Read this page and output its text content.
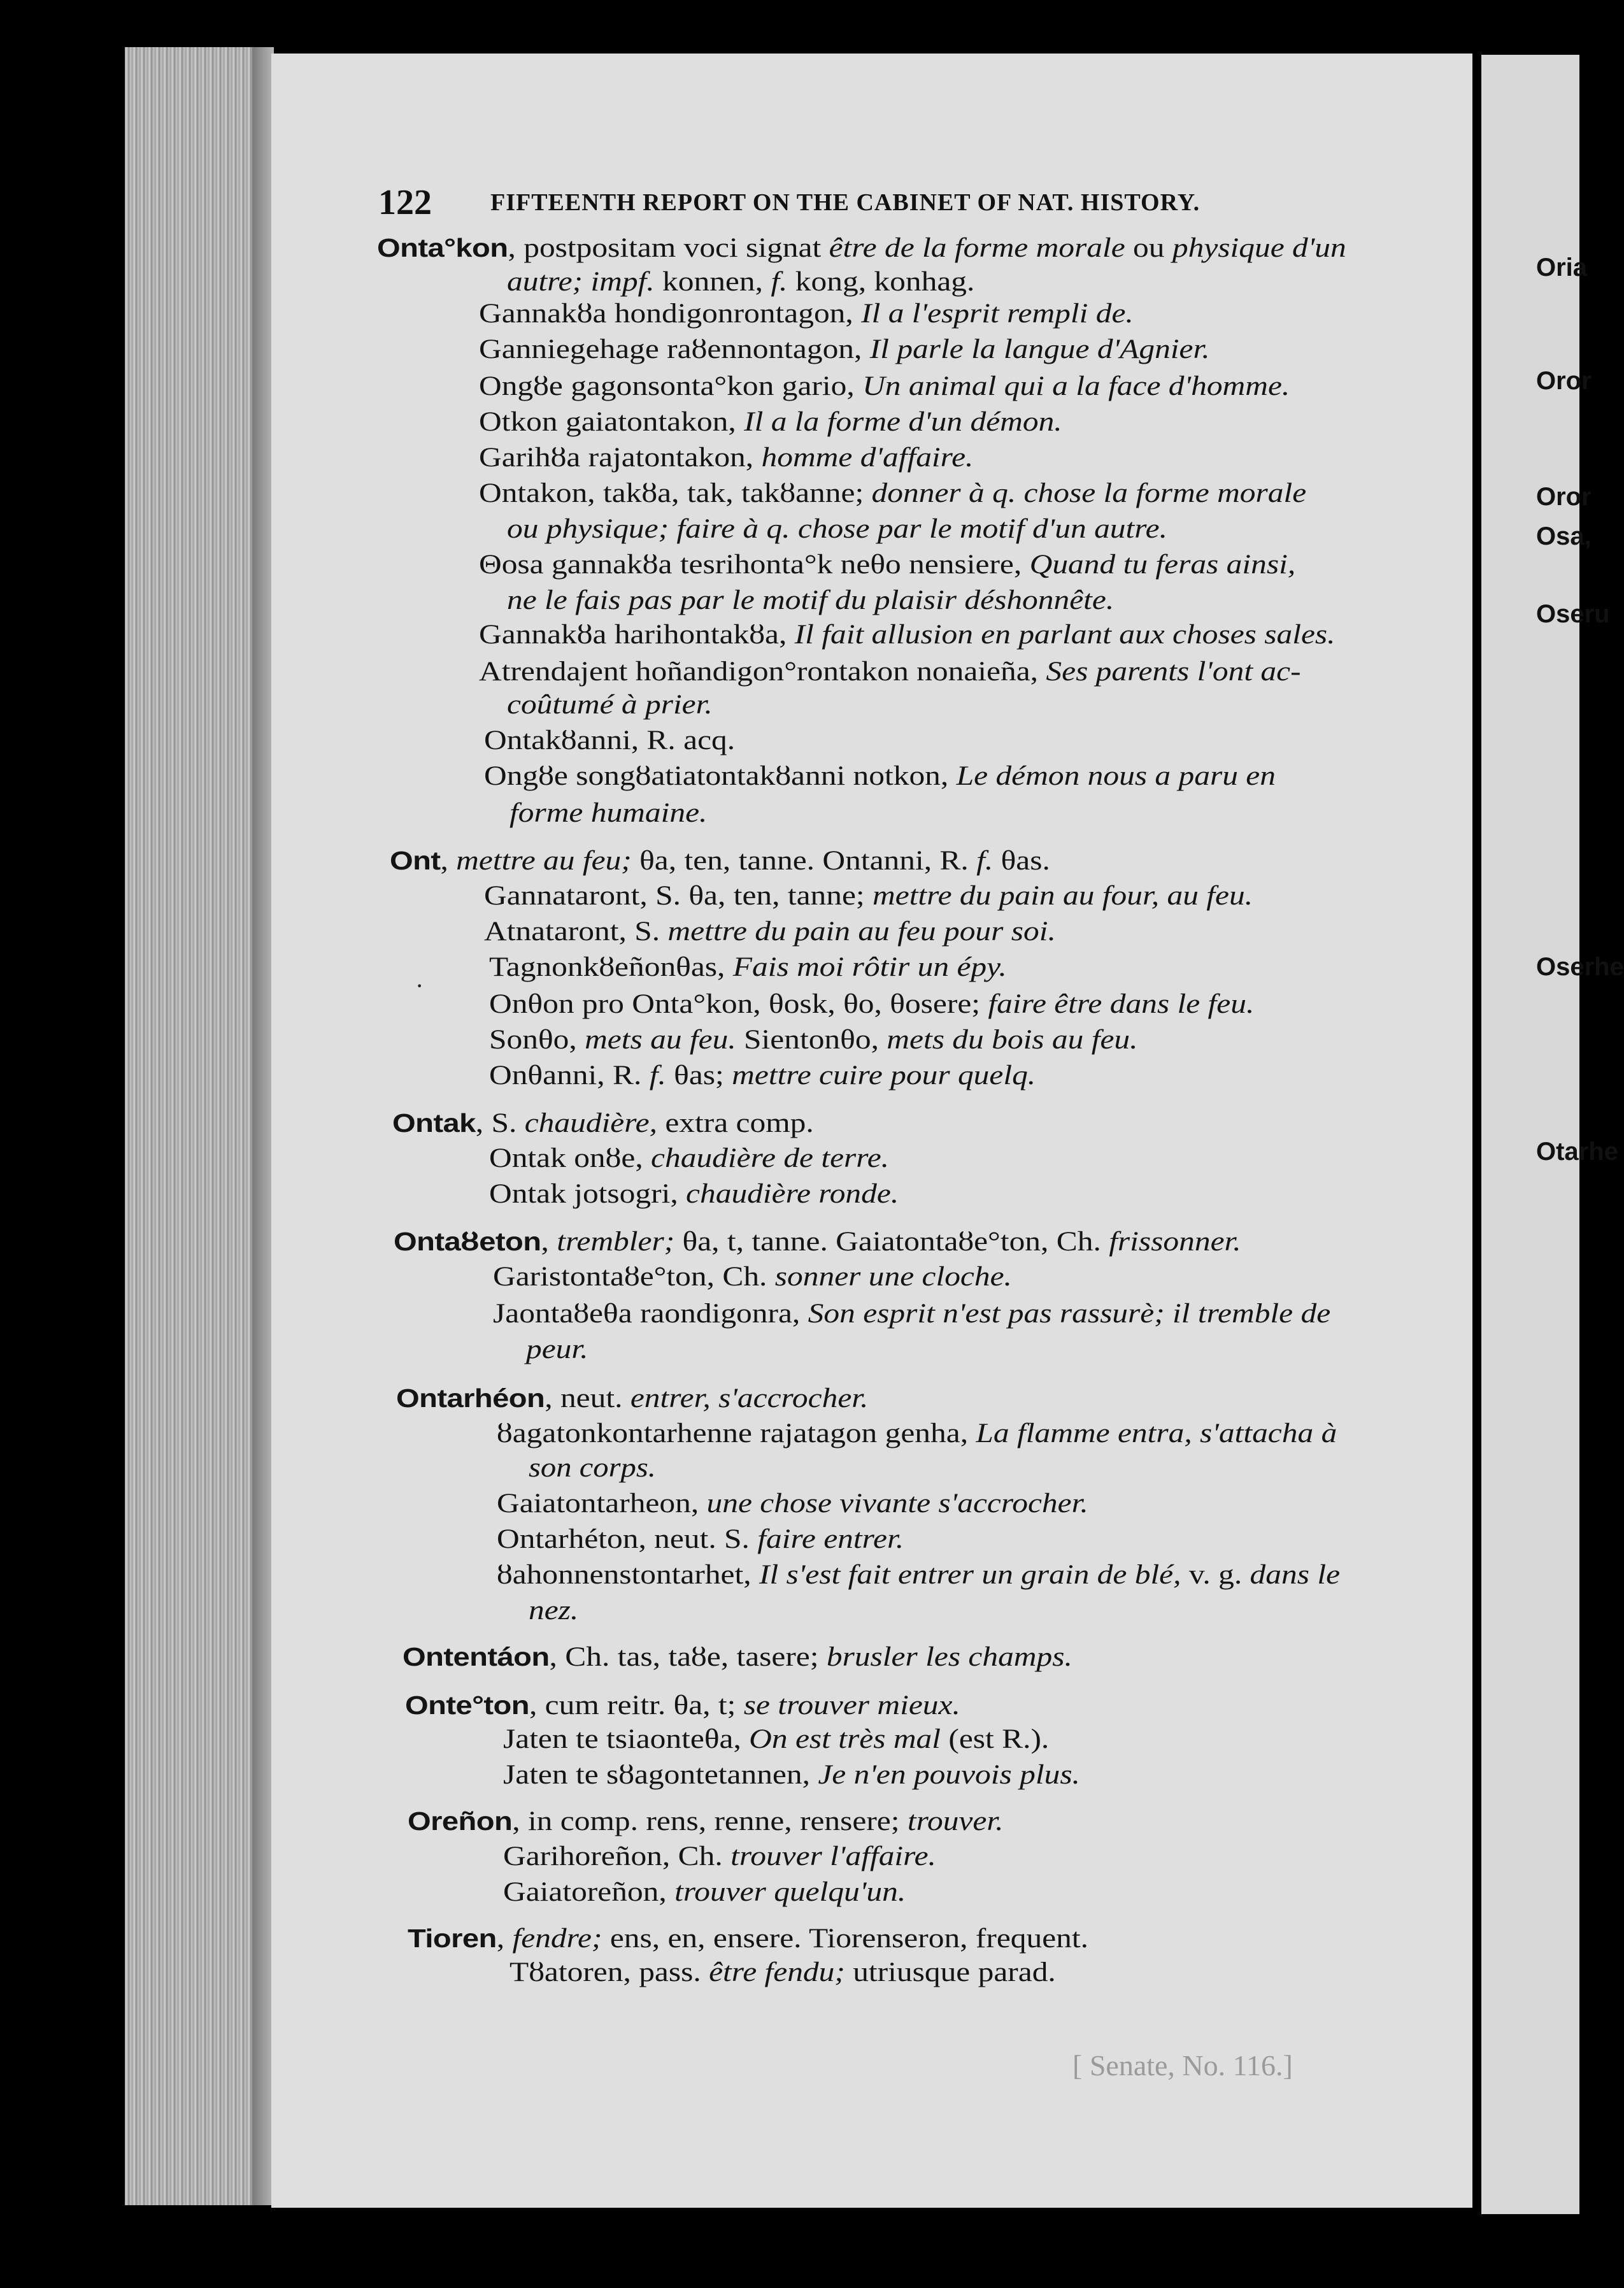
Oria
Oror
Oror
Osa,
Oseru
Oserhe
Otarhe
122 FIFTEENTH REPORT ON THE CABINET OF NAT. HISTORY.
Onta°kon, postpositam voci signat être de la forme morale ou physique d'un
autre; impf. konnen, f. kong, konhag.
Gannakȣa hondigonrontagon, Il a l'esprit rempli de.
Ganniegehage raȣennontagon, Il parle la langue d'Agnier.
Ongȣe gagonsonta°kon gario, Un animal qui a la face d'homme.
Otkon gaiatontakon, Il a la forme d'un démon.
Garihȣa rajatontakon, homme d'affaire.
Ontakon, takȣa, tak, takȣanne; donner à q. chose la forme morale
ou physique; faire à q. chose par le motif d'un autre.
Θosa gannakȣa tesrihonta°k neθo nensiere, Quand tu feras ainsi,
ne le fais pas par le motif du plaisir déshonnête.
Gannakȣa harihontakȣa, Il fait allusion en parlant aux choses sales.
Atrendajent hoñandigon°rontakon nonaieña, Ses parents l'ont ac-
coûtumé à prier.
Ontakȣanni, R. acq.
Ongȣe songȣatiatontakȣanni notkon, Le démon nous a paru en
forme humaine.
Ont, mettre au feu; θa, ten, tanne. Ontanni, R. f. θas.
Gannataront, S. θa, ten, tanne; mettre du pain au four, au feu.
Atnataront, S. mettre du pain au feu pour soi.
Tagnonkȣeñonθas, Fais moi rôtir un épy.
Onθon pro Onta°kon, θosk, θo, θosere; faire être dans le feu.
Sonθo, mets au feu. Sientonθo, mets du bois au feu.
Onθanni, R. f. θas; mettre cuire pour quelq.
Ontak, S. chaudière, extra comp.
Ontak onȣe, chaudière de terre.
Ontak jotsogri, chaudière ronde.
Ontaȣeton, trembler; θa, t, tanne. Gaiatontaȣe°ton, Ch. frissonner.
Garistontaȣe°ton, Ch. sonner une cloche.
Jaontaȣeθa raondigonra, Son esprit n'est pas rassurè; il tremble de
peur.
Ontarhéon, neut. entrer, s'accrocher.
ȣagatonkontarhenne rajatagon genha, La flamme entra, s'attacha à
son corps.
Gaiatontarheon, une chose vivante s'accrocher.
Ontarhéton, neut. S. faire entrer.
ȣahonnenstontarhet, Il s'est fait entrer un grain de blé, v. g. dans le
nez.
Ontentáon, Ch. tas, taȣe, tasere; brusler les champs.
Onte°ton, cum reitr. θa, t; se trouver mieux.
Jaten te tsiaonteθa, On est très mal (est R.).
Jaten te sȣagontetannen, Je n'en pouvois plus.
Oreñon, in comp. rens, renne, rensere; trouver.
Garihoreñon, Ch. trouver l'affaire.
Gaiatoreñon, trouver quelqu'un.
Tioren, fendre; ens, en, ensere. Tiorenseron, frequent.
Tȣatoren, pass. être fendu; utriusque parad.
·
[ Senate, No. 116.]
